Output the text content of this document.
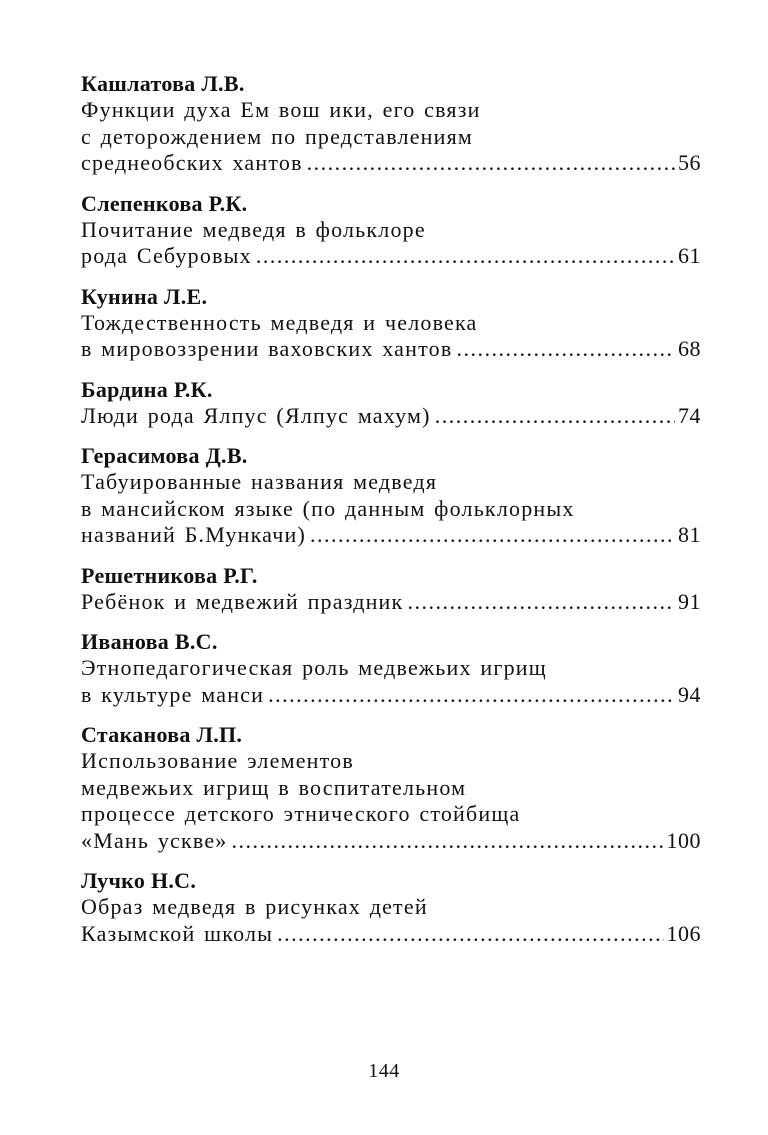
Кашлатова Л.В.
Функции духа Ем вош ики, его связи
с деторождением по представлениям
среднеобских хантов .....	56
Слепенкова Р.К.
Почитание медведя в фольклоре
рода Себуровых .....	61
Кунина Л.Е.
Тождественность медведя и человека
в мировоззрении ваховских хантов .....	68
Бардина Р.К.
Люди рода Ялпус (Ялпус махум) .....	74
Герасимова Д.В.
Табуированные названия медведя
в мансийском языке (по данным фольклорных
названий Б.Мункачи) .....	81
Решетникова Р.Г.
Ребёнок и медвежий праздник .....	91
Иванова В.С.
Этнопедагогическая роль медвежьих игрищ
в культуре манси .....	94
Стаканова Л.П.
Использование элементов
медвежьих игрищ в воспитательном
процессе детского этнического стойбища
«Мань ускве» .....	100
Лучко Н.С.
Образ медведя в рисунках детей
Казымской школы .....	106
144
